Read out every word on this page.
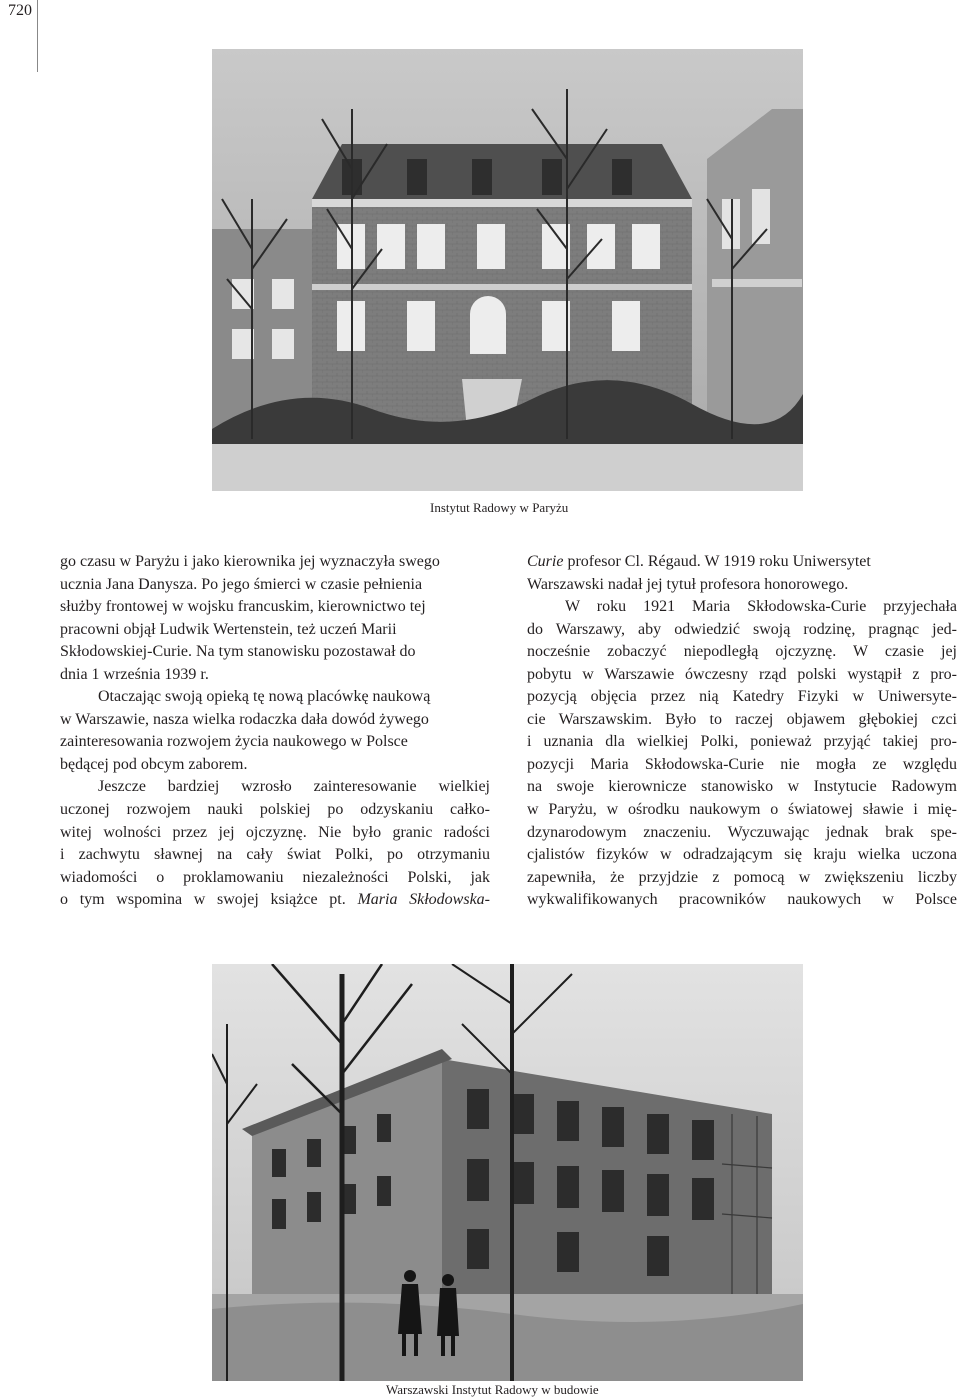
720
Instytut Radowy w Paryżu

go czasu w Paryżu i jako kierownika jej wyznaczyła swego
ucznia Jana Danysza. Po jego śmierci w czasie pełnienia
służby frontowej w wojsku francuskim, kierownictwo tej
pracowni objął Ludwik Wertenstein, też uczeń Marii
Skłodowskiej-Curie. Na tym stanowisku pozostawał do
dnia 1 września 1939 r.

Otaczając swoją opieką tę nową placówkę naukową
w Warszawie, nasza wielka rodaczka dała dowód żywego
zainteresowania rozwojem życia naukowego w Polsce
będącej pod obcym zaborem.

Jeszcze bardziej wzrosło zainteresowanie wielkiej
uczonej rozwojem nauki polskiej po odzyskaniu całko-
witej wolności przez jej ojczyznę. Nie było granic radości
i zachwytu sławnej na cały świat Polki, po otrzymaniu
wiadomości o proklamowaniu niezależności Polski, jak
o tym wspomina w swojej książce pt. Maria Skłodowska-

Curie profesor Cl. Régaud. W 1919 roku Uniwersytet
Warszawski nadał jej tytuł profesora honorowego.

W roku 1921 Maria Skłodowska-Curie przyjechała
do Warszawy, aby odwiedzić swoją rodzinę, pragnąc jed-
nocześnie zobaczyć niepodległą ojczyznę. W czasie jej
pobytu w Warszawie ówczesny rząd polski wystąpił z pro-
pozycją objęcia przez nią Katedry Fizyki w Uniwersyte-
cie Warszawskim. Było to raczej objawem głębokiej czci
i uznania dla wielkiej Polki, ponieważ przyjąć takiej pro-
pozycji Maria Skłodowska-Curie nie mogła ze względu
na swoje kierownicze stanowisko w Instytucie Radowym
w Paryżu, w ośrodku naukowym o światowej sławie i mię-
dzynarodowym znaczeniu. Wyczuwając jednak brak spe-
cjalistów fizyków w odradzającym się kraju wielka uczona
zapewniła, że przyjdzie z pomocą w zwiększeniu liczby
wykwalifikowanych pracowników naukowych w Polsce

Warszawski Instytut Radowy w budowie
